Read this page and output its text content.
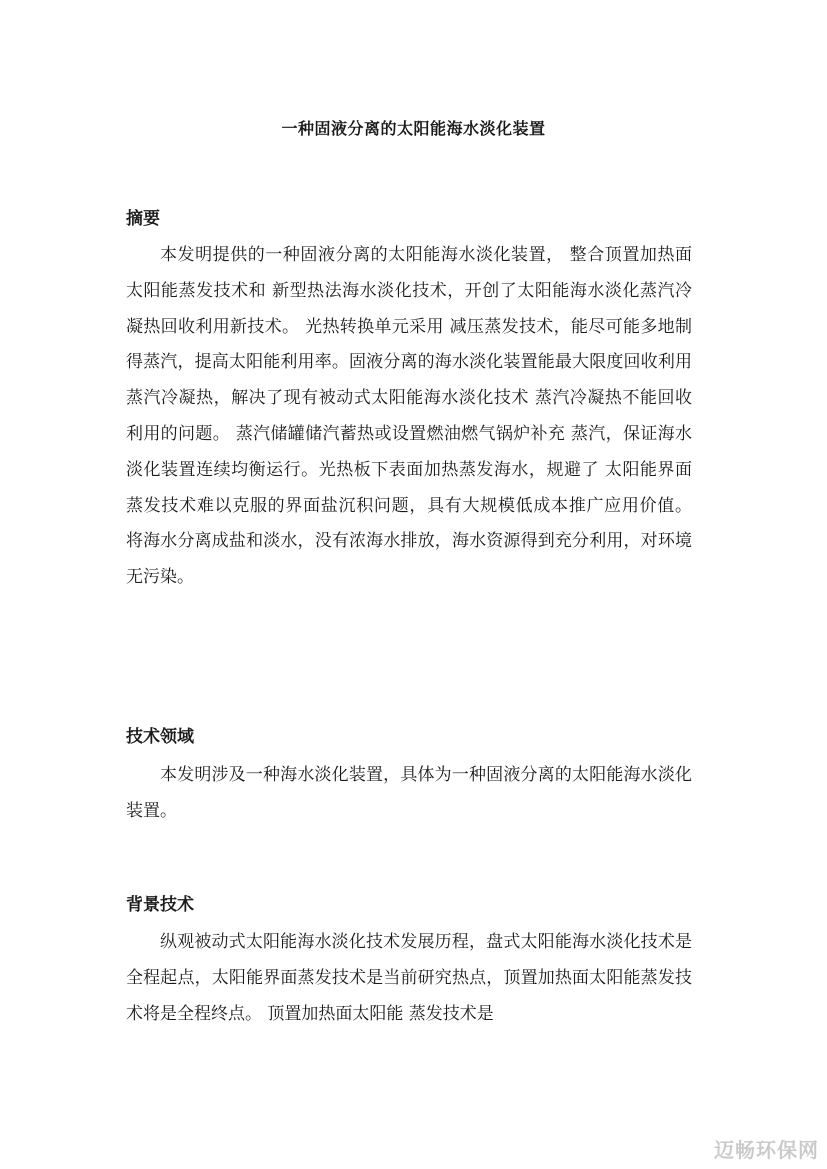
一种固液分离的太阳能海水淡化装置
摘要

本发明提供的一种固液分离的太阳能海水淡化装置， 整合顶置加热面太阳能蒸发技术和 新型热法海水淡化技术，开创了太阳能海水淡化蒸汽冷凝热回收利用新技术。 光热转换单元采用 减压蒸发技术，能尽可能多地制得蒸汽，提高太阳能利用率。固液分离的海水淡化装置能最大限度回收利用蒸汽冷凝热，解决了现有被动式太阳能海水淡化技术 蒸汽冷凝热不能回收利用的问题。 蒸汽储罐储汽蓄热或设置燃油燃气锅炉补充 蒸汽，保证海水淡化装置连续均衡运行。光热板下表面加热蒸发海水，规避了 太阳能界面蒸发技术难以克服的界面盐沉积问题，具有大规模低成本推广应用价值。 将海水分离成盐和淡水，没有浓海水排放，海水资源得到充分利用，对环境无污染。

技术领域

本发明涉及一种海水淡化装置，具体为一种固液分离的太阳能海水淡化装置。

背景技术

纵观被动式太阳能海水淡化技术发展历程，盘式太阳能海水淡化技术是全程起点，太阳能界面蒸发技术是当前研究热点，顶置加热面太阳能蒸发技术将是全程终点。 顶置加热面太阳能 蒸发技术是

迈畅环保网
